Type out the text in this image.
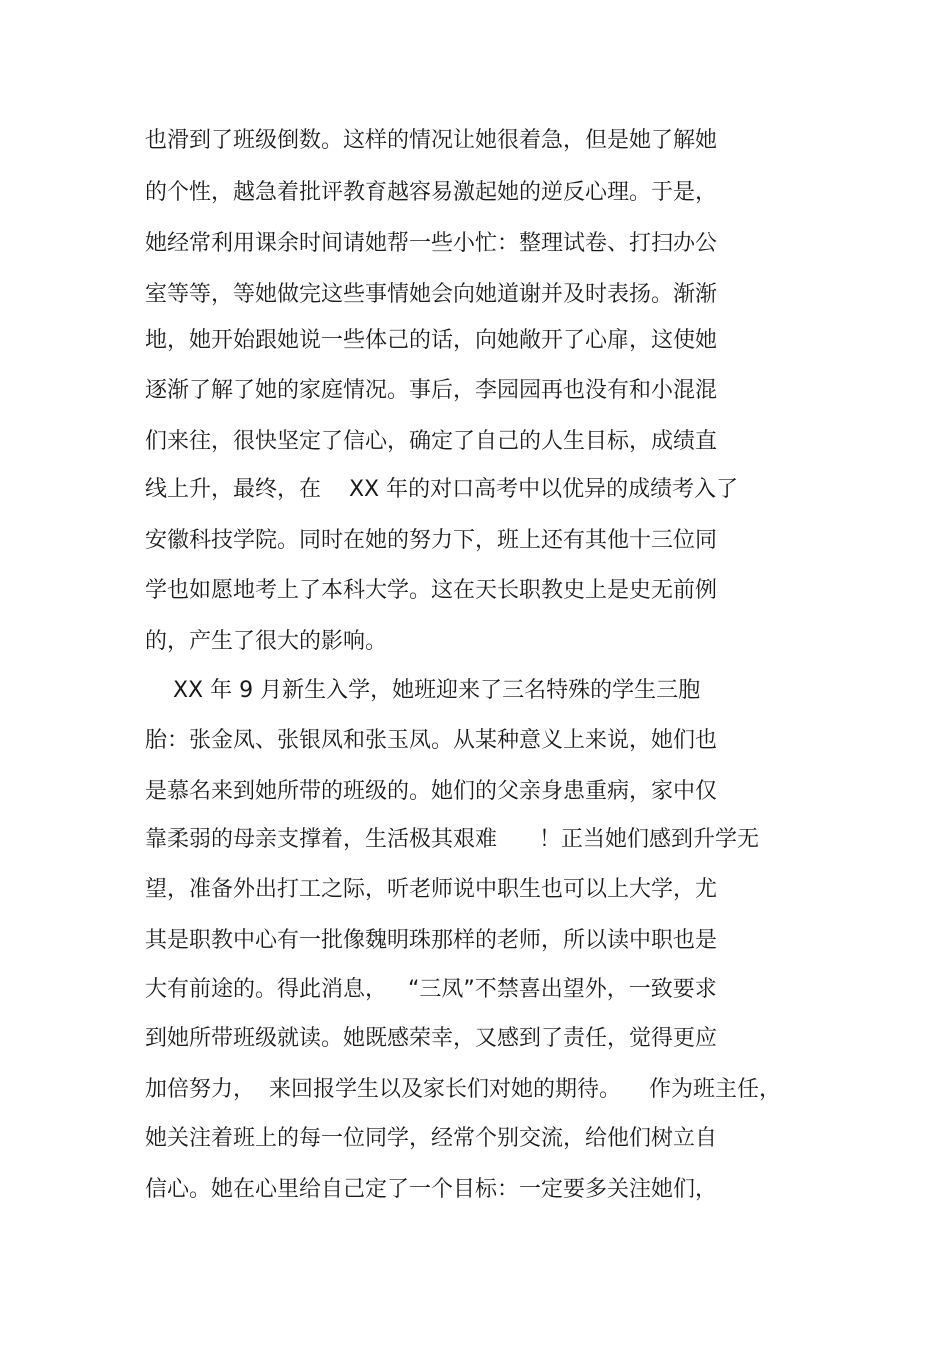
也滑到了班级倒数。这样的情况让她很着急，但是她了解她
的个性，越急着批评教育越容易激起她的逆反心理。于是，
她经常利用课余时间请她帮一些小忙：整理试卷、打扫办公
室等等，等她做完这些事情她会向她道谢并及时表扬。渐渐
地，她开始跟她说一些体己的话，向她敞开了心扉，这使她
逐渐了解了她的家庭情况。事后，李园园再也没有和小混混
们来往，很快坚定了信心，确定了自己的人生目标，成绩直
线上升，最终，在    XX 年的对口高考中以优异的成绩考入了
安徽科技学院。同时在她的努力下，班上还有其他十三位同
学也如愿地考上了本科大学。这在天长职教史上是史无前例
的，产生了很大的影响。
XX 年 9 月新生入学，她班迎来了三名特殊的学生三胞
胎：张金凤、张银凤和张玉凤。从某种意义上来说，她们也
是慕名来到她所带的班级的。她们的父亲身患重病，家中仅
靠柔弱的母亲支撑着，生活极其艰难      ！正当她们感到升学无
望，准备外出打工之际，听老师说中职生也可以上大学，尤
其是职教中心有一批像魏明珠那样的老师，所以读中职也是
大有前途的。得此消息，   “三凤”不禁喜出望外，一致要求
到她所带班级就读。她既感荣幸，又感到了责任，觉得更应
加倍努力，  来回报学生以及家长们对她的期待。    作为班主任，
她关注着班上的每一位同学，经常个别交流，给他们树立自
信心。她在心里给自己定了一个目标：一定要多关注她们，
